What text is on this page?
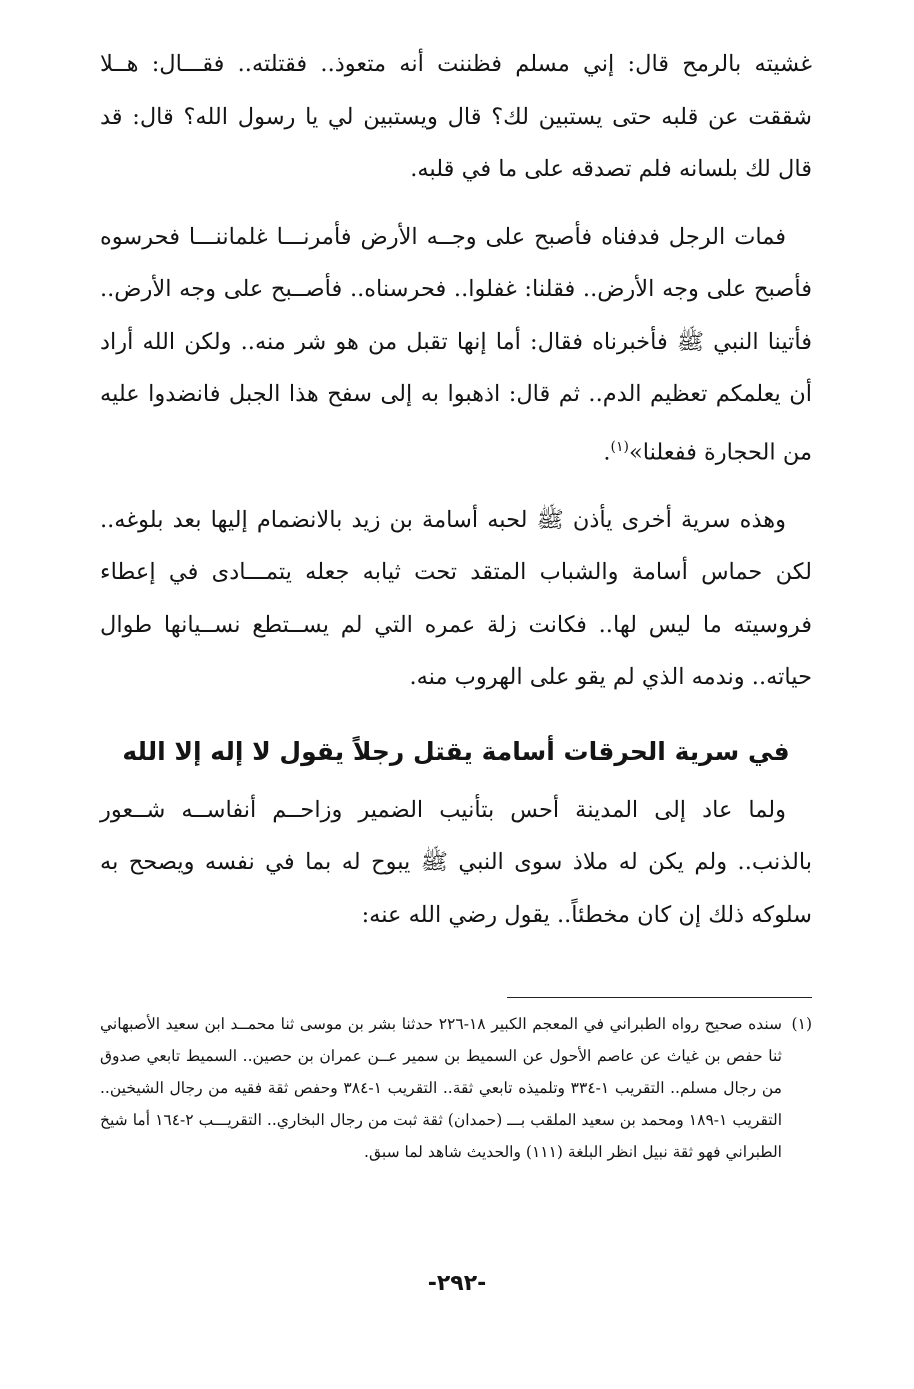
غشيته بالرمح قال: إني مسلم فظننت أنه متعوذ.. فقتلته.. فقـــال: هــلا شققت عن قلبه حتى يستبين لك؟ قال ويستبين لي يا رسول الله؟ قال: قد قال لك بلسانه فلم تصدقه على ما في قلبه.

فمات الرجل فدفناه فأصبح على وجــه الأرض فأمرنـــا غلماننـــا فحرسوه فأصبح على وجه الأرض.. فقلنا: غفلوا.. فحرسناه.. فأصــبح على وجه الأرض.. فأتينا النبي ﷺ فأخبرناه فقال: أما إنها تقبل من هو شر منه.. ولكن الله أراد أن يعلمكم تعظيم الدم.. ثم قال: اذهبوا به إلى سفح هذا الجبل فانضدوا عليه من الحجارة ففعلنا»$^{(١)}$.

وهذه سرية أخرى يأذن ﷺ لحبه أسامة بن زيد بالانضمام إليها بعد بلوغه.. لكن حماس أسامة والشباب المتقد تحت ثيابه جعله يتمـــادى في إعطاء فروسيته ما ليس لها.. فكانت زلة عمره التي لم يســتطع نســيانها طوال حياته.. وندمه الذي لم يقو على الهروب منه.

في سرية الحرقات أسامة يقتل رجلاً يقول لا إله إلا الله

ولما عاد إلى المدينة أحس بتأنيب الضمير وزاحــم أنفاســه شــعور بالذنب.. ولم يكن له ملاذ سوى النبي ﷺ يبوح له بما في نفسه ويصحح به سلوكه ذلك إن كان مخطئاً.. يقول رضي الله عنه:

(١)
سنده صحيح رواه الطبراني في المعجم الكبير ١٨-٢٢٦ حدثنا بشر بن موسى ثنا محمــد ابن سعيد الأصبهاني ثنا حفص بن غياث عن عاصم الأحول عن السميط بن سمير عــن عمران بن حصين.. السميط تابعي صدوق من رجال مسلم.. التقريب ١-٣٣٤ وتلميذه تابعي ثقة.. التقريب ١-٣٨٤ وحفص ثقة فقيه من رجال الشيخين.. التقريب ١-١٨٩ ومحمد بن سعيد الملقب بـــ (حمدان) ثقة ثبت من رجال البخاري.. التقريـــب ٢-١٦٤ أما شيخ الطبراني فهو ثقة نبيل انظر البلغة (١١١) والحديث شاهد لما سبق.

-٢٩٢-
